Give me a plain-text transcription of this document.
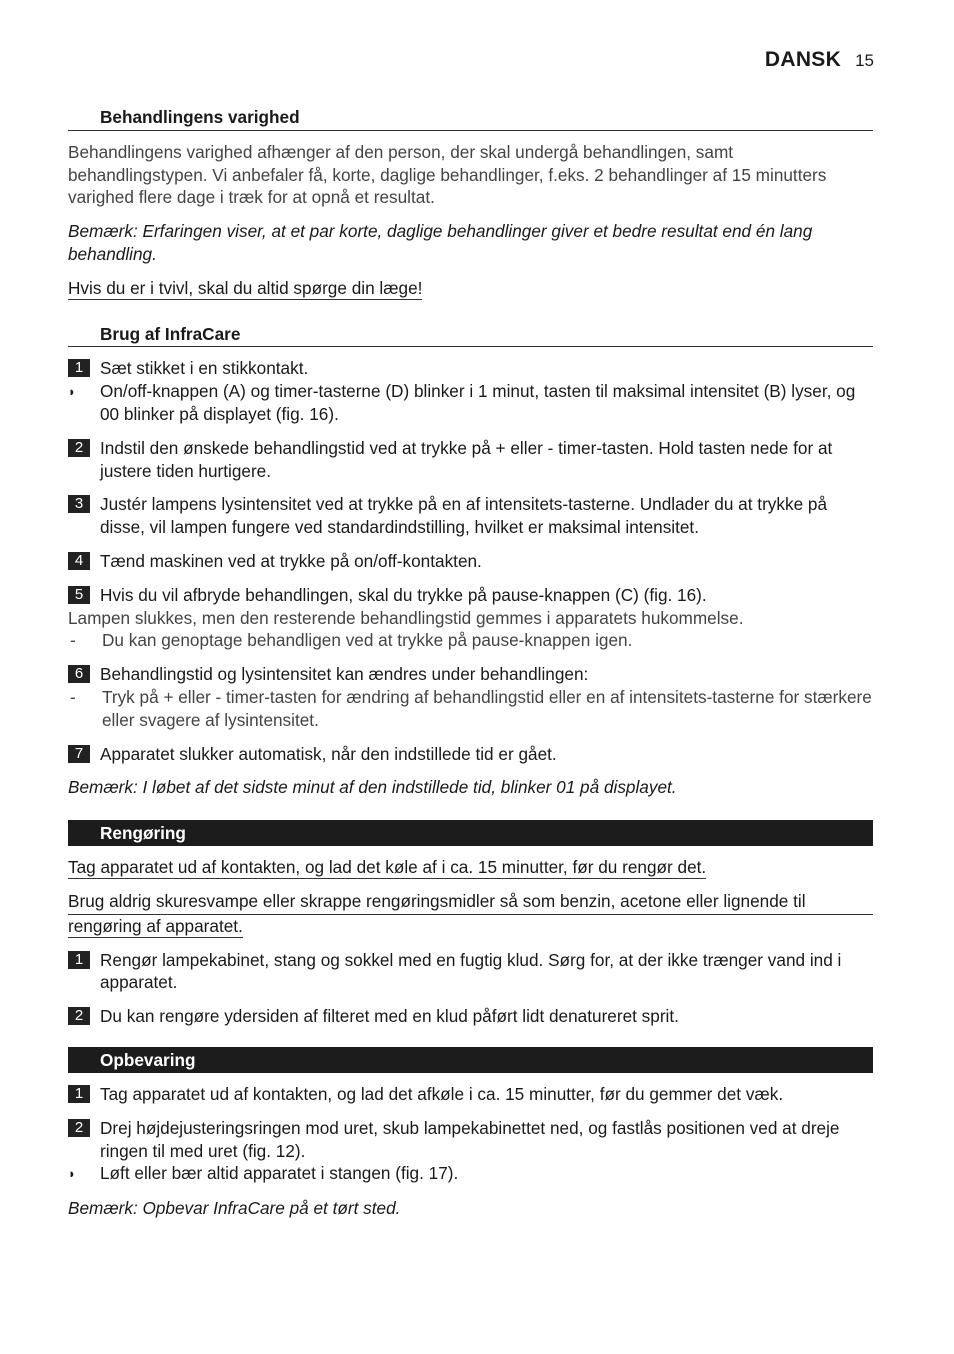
DANSK 15
Behandlingens varighed

Behandlingens varighed afhænger af den person, der skal undergå behandlingen, samt behandlingstypen. Vi anbefaler få, korte, daglige behandlinger, f.eks. 2 behandlinger af 15 minutters varighed flere dage i træk for at opnå et resultat.

Bemærk: Erfaringen viser, at et par korte, daglige behandlinger giver et bedre resultat end én lang behandling.

Hvis du er i tvivl, skal du altid spørge din læge!

Brug af InfraCare
1 Sæt stikket i en stikkontakt.
◗	On/off-knappen (A) og timer-tasterne (D) blinker i 1 minut, tasten til maksimal intensitet (B) lyser, og 00 blinker på displayet (fig. 16).
2 Indstil den ønskede behandlingstid ved at trykke på + eller - timer-tasten. Hold tasten nede for at justere tiden hurtigere.
3 Justér lampens lysintensitet ved at trykke på en af intensitets-tasterne. Undlader du at trykke på disse, vil lampen fungere ved standardindstilling, hvilket er maksimal intensitet.
4 Tænd maskinen ved at trykke på on/off-kontakten.
5 Hvis du vil afbryde behandlingen, skal du trykke på pause-knappen (C) (fig. 16).
Lampen slukkes, men den resterende behandlingstid gemmes i apparatets hukommelse.
-	Du kan genoptage behandligen ved at trykke på pause-knappen igen.
6 Behandlingstid og lysintensitet kan ændres under behandlingen:
-	Tryk på + eller - timer-tasten for ændring af behandlingstid eller en af intensitets-tasterne for stærkere eller svagere af lysintensitet.
7 Apparatet slukker automatisk, når den indstillede tid er gået.

Bemærk: I løbet af det sidste minut af den indstillede tid, blinker 01 på displayet.

Rengøring

Tag apparatet ud af kontakten, og lad det køle af i ca. 15 minutter, før du rengør det.

Brug aldrig skuresvampe eller skrappe rengøringsmidler så som benzin, acetone eller lignende til
rengøring af apparatet.
1 Rengør lampekabinet, stang og sokkel med en fugtig klud. Sørg for, at der ikke trænger vand ind i apparatet.
2 Du kan rengøre ydersiden af filteret med en klud påført lidt denatureret sprit.
Opbevaring
1 Tag apparatet ud af kontakten, og lad det afkøle i ca. 15 minutter, før du gemmer det væk.
2 Drej højdejusteringsringen mod uret, skub lampekabinettet ned, og fastlås positionen ved at dreje ringen til med uret (fig. 12).
◗	Løft eller bær altid apparatet i stangen (fig. 17).

Bemærk: Opbevar InfraCare på et tørt sted.
